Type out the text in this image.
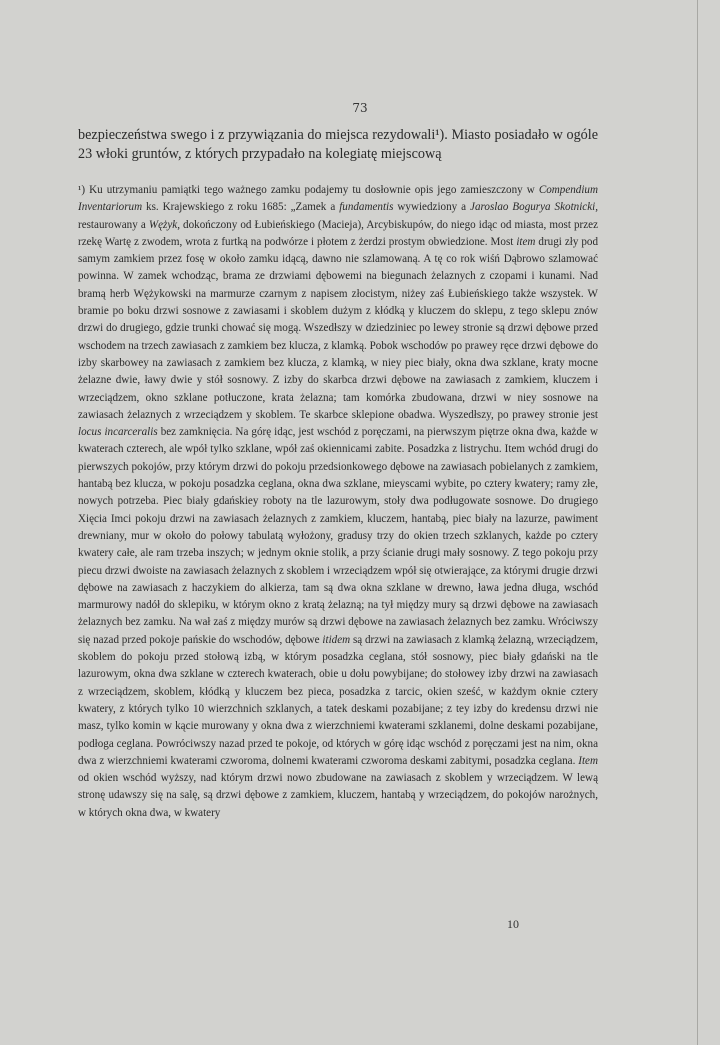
73

bezpieczeństwa swego i z przywiązania do miejsca rezydowali¹). Miasto posiadało w ogóle 23 włoki gruntów, z których przypadało na kolegiatę miejscową

¹) Ku utrzymaniu pamiątki tego ważnego zamku podajemy tu dosłownie opis jego zamieszczony w Compendium Inventariorum ks. Krajewskiego z roku 1685: „Zamek a fundamentis wywiedziony a Jaroslao Bogurya Skotnicki, restaurowany a Wężyk, dokończony od Łubieńskiego (Macieja), Arcybiskupów, do niego idąc od miasta, most przez rzekę Wartę z zwodem, wrota z furtką na podwórze i płotem z żerdzi prostym obwiedzione. Most item drugi zły pod samym zamkiem przez fosę w około zamku idącą, dawno nie szlamowaną. A tę co rok wiśń Dąbrowo szlamować powinna. W zamek wchodząc, brama ze drzwiami dębowemi na biegunach żelaznych z czopami i kunami. Nad bramą herb Wężykowski na marmurze czarnym z napisem złocistym, niżey zaś Łubieńskiego także wszystek. W bramie po boku drzwi sosnowe z zawiasami i skoblem dużym z kłódką y kluczem do sklepu, z tego sklepu znów drzwi do drugiego, gdzie trunki chować się mogą. Wszedłszy w dziedziniec po lewey stronie są drzwi dębowe przed wschodem na trzech zawiasach z zamkiem bez klucza, z klamką. Pobok wschodów po prawey ręce drzwi dębowe do izby skarbowey na zawiasach z zamkiem bez klucza, z klamką, w niey piec biały, okna dwa szklane, kraty mocne żelazne dwie, ławy dwie y stół sosnowy. Z izby do skarbca drzwi dębowe na zawiasach z zamkiem, kluczem i wrzeciądzem, okno szklane potłuczone, krata żelazna; tam komórka zbudowana, drzwi w niey sosnowe na zawiasach żelaznych z wrzeciądzem y skoblem. Te skarbce sklepione obadwa. Wyszedłszy, po prawey stronie jest locus incarceralis bez zamknięcia. Na górę idąc, jest wschód z poręczami, na pierwszym piętrze okna dwa, każde w kwaterach czterech, ale wpół tylko szklane, wpół zaś okiennicami zabite. Posadzka z listrychu. Item wchód drugi do pierwszych pokojów, przy którym drzwi do pokoju przedsionkowego dębowe na zawiasach pobielanych z zamkiem, hantabą bez klucza, w pokoju posadzka ceglana, okna dwa szklane, mieyscami wybite, po cztery kwatery; ramy złe, nowych potrzeba. Piec biały gdańskiey roboty na tle lazurowym, stoły dwa podługowate sosnowe. Do drugiego Xięcia Imci pokoju drzwi na zawiasach żelaznych z zamkiem, kluczem, hantabą, piec biały na lazurze, pawiment drewniany, mur w około do połowy tabulatą wyłożony, gradusy trzy do okien trzech szklanych, każde po cztery kwatery całe, ale ram trzeba inszych; w jednym oknie stolik, a przy ścianie drugi mały sosnowy. Z tego pokoju przy piecu drzwi dwoiste na zawiasach żelaznych z skoblem i wrzeciądzem wpół się otwierające, za którymi drugie drzwi dębowe na zawiasach z haczykiem do alkierza, tam są dwa okna szklane w drewno, ława jedna długa, wschód marmurowy nadół do sklepiku, w którym okno z kratą żelazną; na tył między mury są drzwi dębowe na zawiasach żelaznych bez zamku. Na wał zaś z między murów są drzwi dębowe na zawiasach żelaznych bez zamku. Wróciwszy się nazad przed pokoje pańskie do wschodów, dębowe itidem są drzwi na zawiasach z klamką żelazną, wrzeciądzem, skoblem do pokoju przed stołową izbą, w którym posadzka ceglana, stół sosnowy, piec biały gdański na tle lazurowym, okna dwa szklane w czterech kwaterach, obie u dołu powybijane; do stołowey izby drzwi na zawiasach z wrzeciądzem, skoblem, kłódką y kluczem bez pieca, posadzka z tarcic, okien sześć, w każdym oknie cztery kwatery, z których tylko 10 wierzchnich szklanych, a tatek deskami pozabijane; z tey izby do kredensu drzwi nie masz, tylko komin w kącie murowany y okna dwa z wierzchniemi kwaterami szklanemi, dolne deskami pozabijane, podłoga ceglana. Powróciwszy nazad przed te pokoje, od których w górę idąc wschód z poręczami jest na nim, okna dwa z wierzchniemi kwaterami czworoma, dolnemi kwaterami czworoma deskami zabitymi, posadzka ceglana. Item od okien wschód wyższy, nad którym drzwi nowo zbudowane na zawiasach z skoblem y wrzeciądzem. W lewą stronę udawszy się na salę, są drzwi dębowe z zamkiem, kluczem, hantabą y wrzeciądzem, do pokojów narożnych, w których okna dwa, w kwatery

10
